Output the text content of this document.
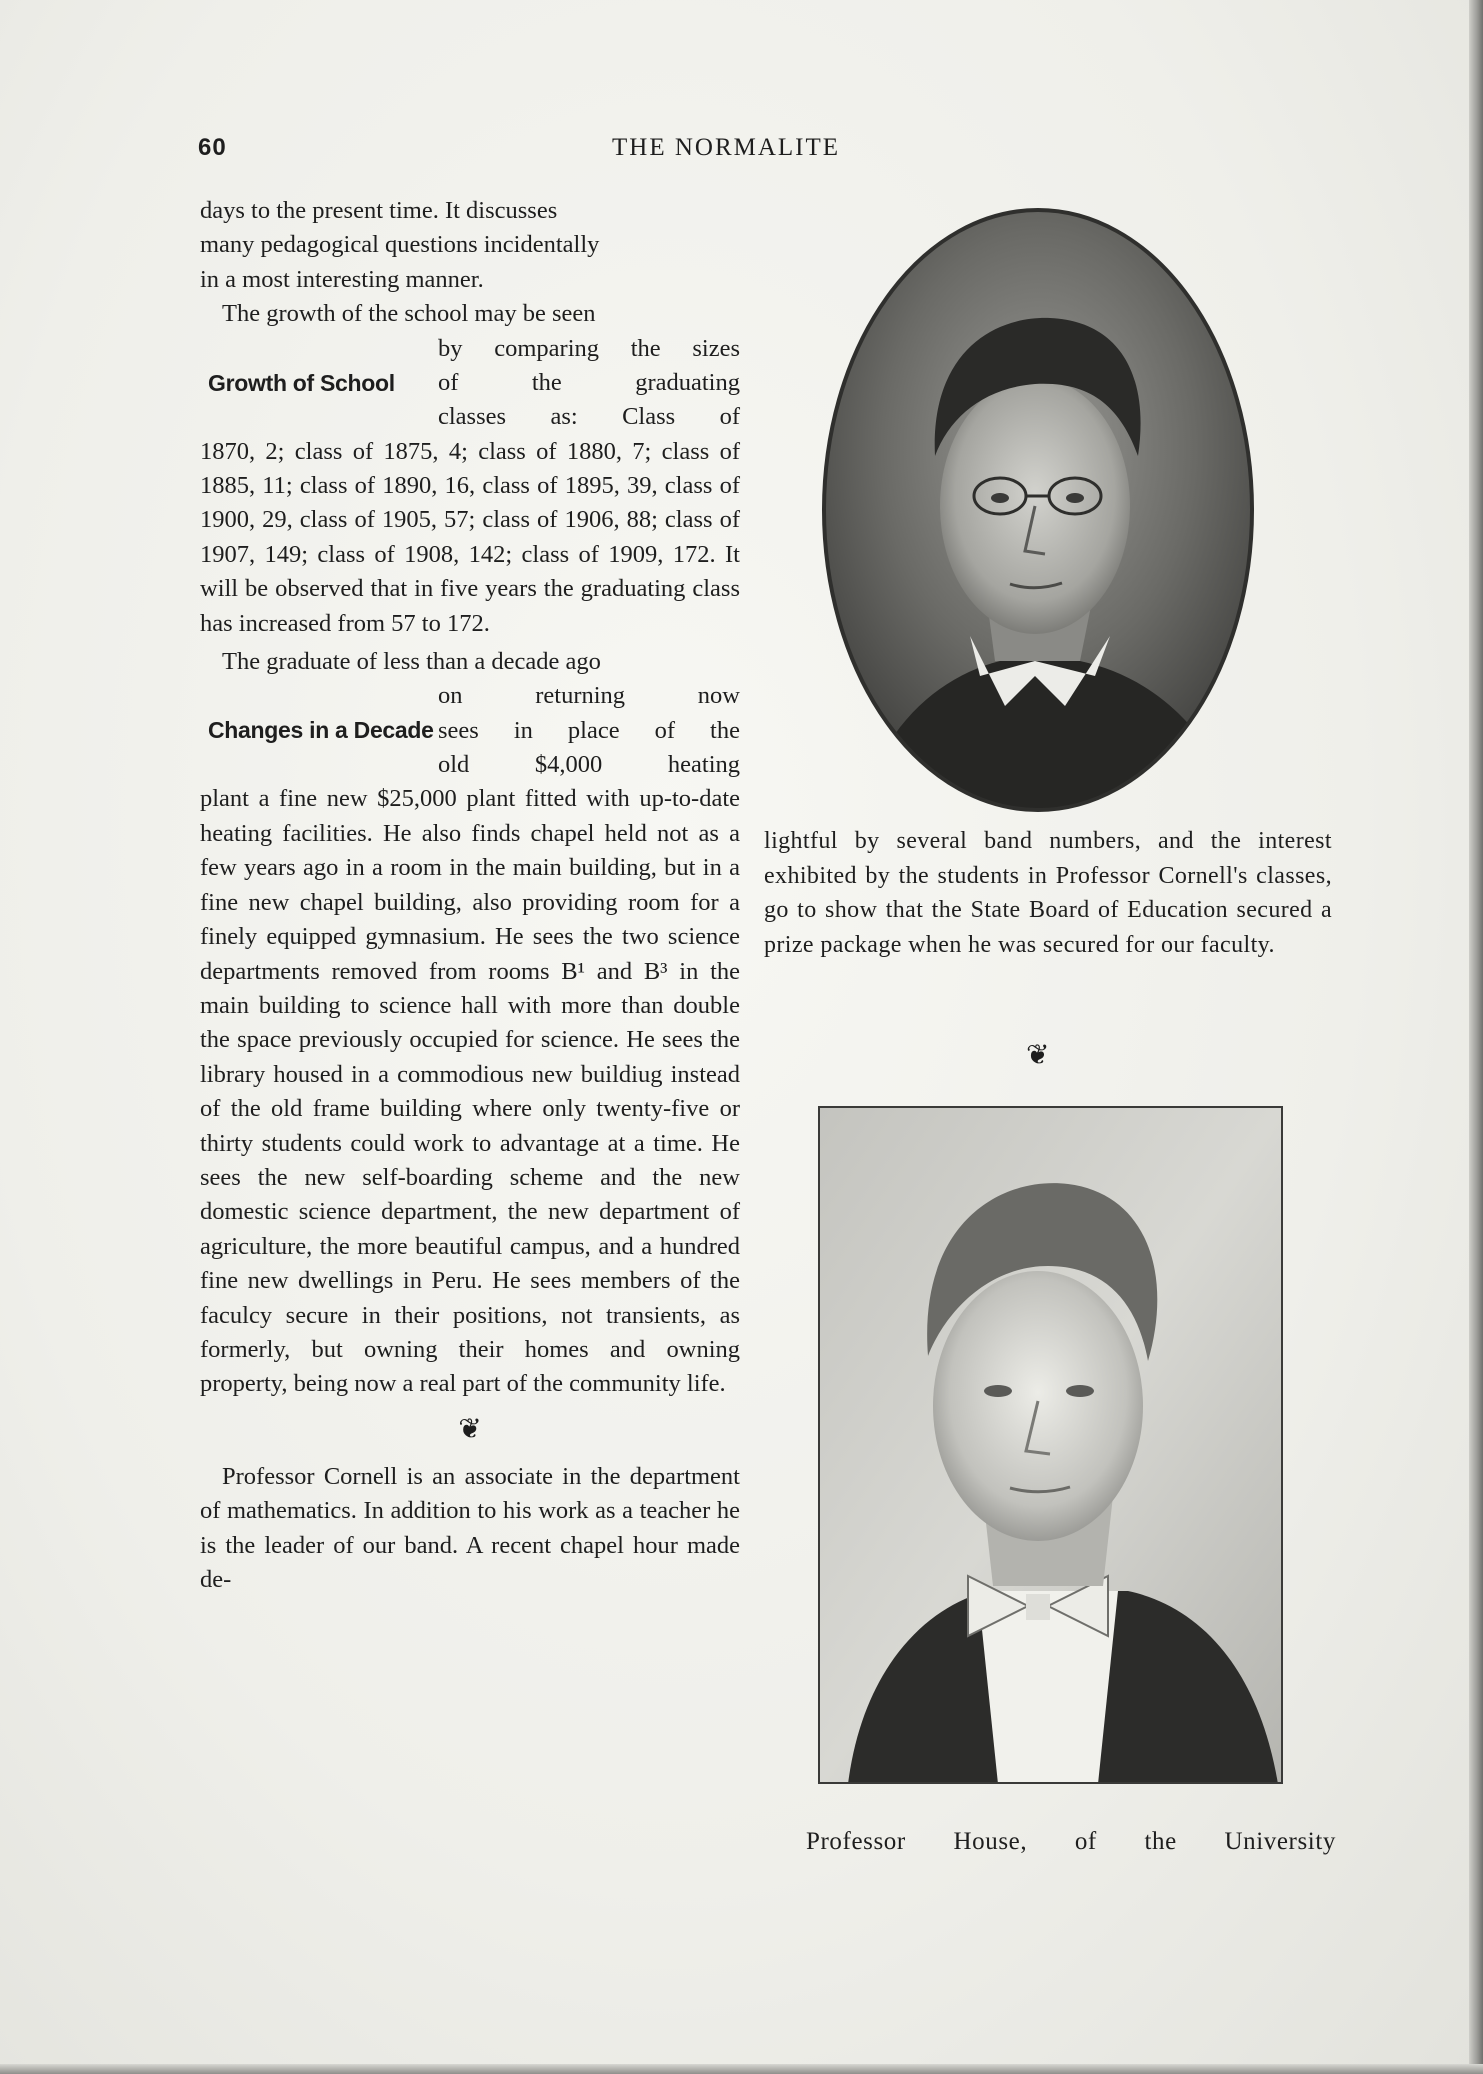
60	THE NORMALITE

days to the present time. It discusses
many pedagogical questions incidentally
in a most interesting manner.

The growth of the school may be seen

Growth of School
by comparing the sizes
of the graduating
classes as: Class of

1870, 2; class of 1875, 4; class of 1880, 7; class of 1885, 11; class of 1890, 16, class of 1895, 39, class of 1900, 29, class of 1905, 57; class of 1906, 88; class of 1907, 149; class of 1908, 142; class of 1909, 172. It will be observed that in five years the graduating class has increased from 57 to 172.

The graduate of less than a decade ago

Changes in a Decade
on returning now
sees in place of the
old $4,000 heating

plant a fine new $25,000 plant fitted with up-to-date heating facilities. He also finds chapel held not as a few years ago in a room in the main building, but in a fine new chapel building, also providing room for a finely equipped gymnasium. He sees the two science departments removed from rooms B¹ and B³ in the main building to science hall with more than double the space previously occupied for science. He sees the library housed in a commodious new buildiug instead of the old frame building where only twenty-five or thirty students could work to advantage at a time. He sees the new self-boarding scheme and the new domestic science department, the new department of agriculture, the more beautiful campus, and a hundred fine new dwellings in Peru. He sees members of the faculcy secure in their positions, not transients, as formerly, but owning their homes and owning property, being now a real part of the community life.

❦

Professor Cornell is an associate in the department of mathematics. In addition to his work as a teacher he is the leader of our band. A recent chapel hour made de-

lightful by several band numbers, and the interest exhibited by the students in Professor Cornell's classes, go to show that the State Board of Education secured a prize package when he was secured for our faculty.

❦
Professor House, of the University
